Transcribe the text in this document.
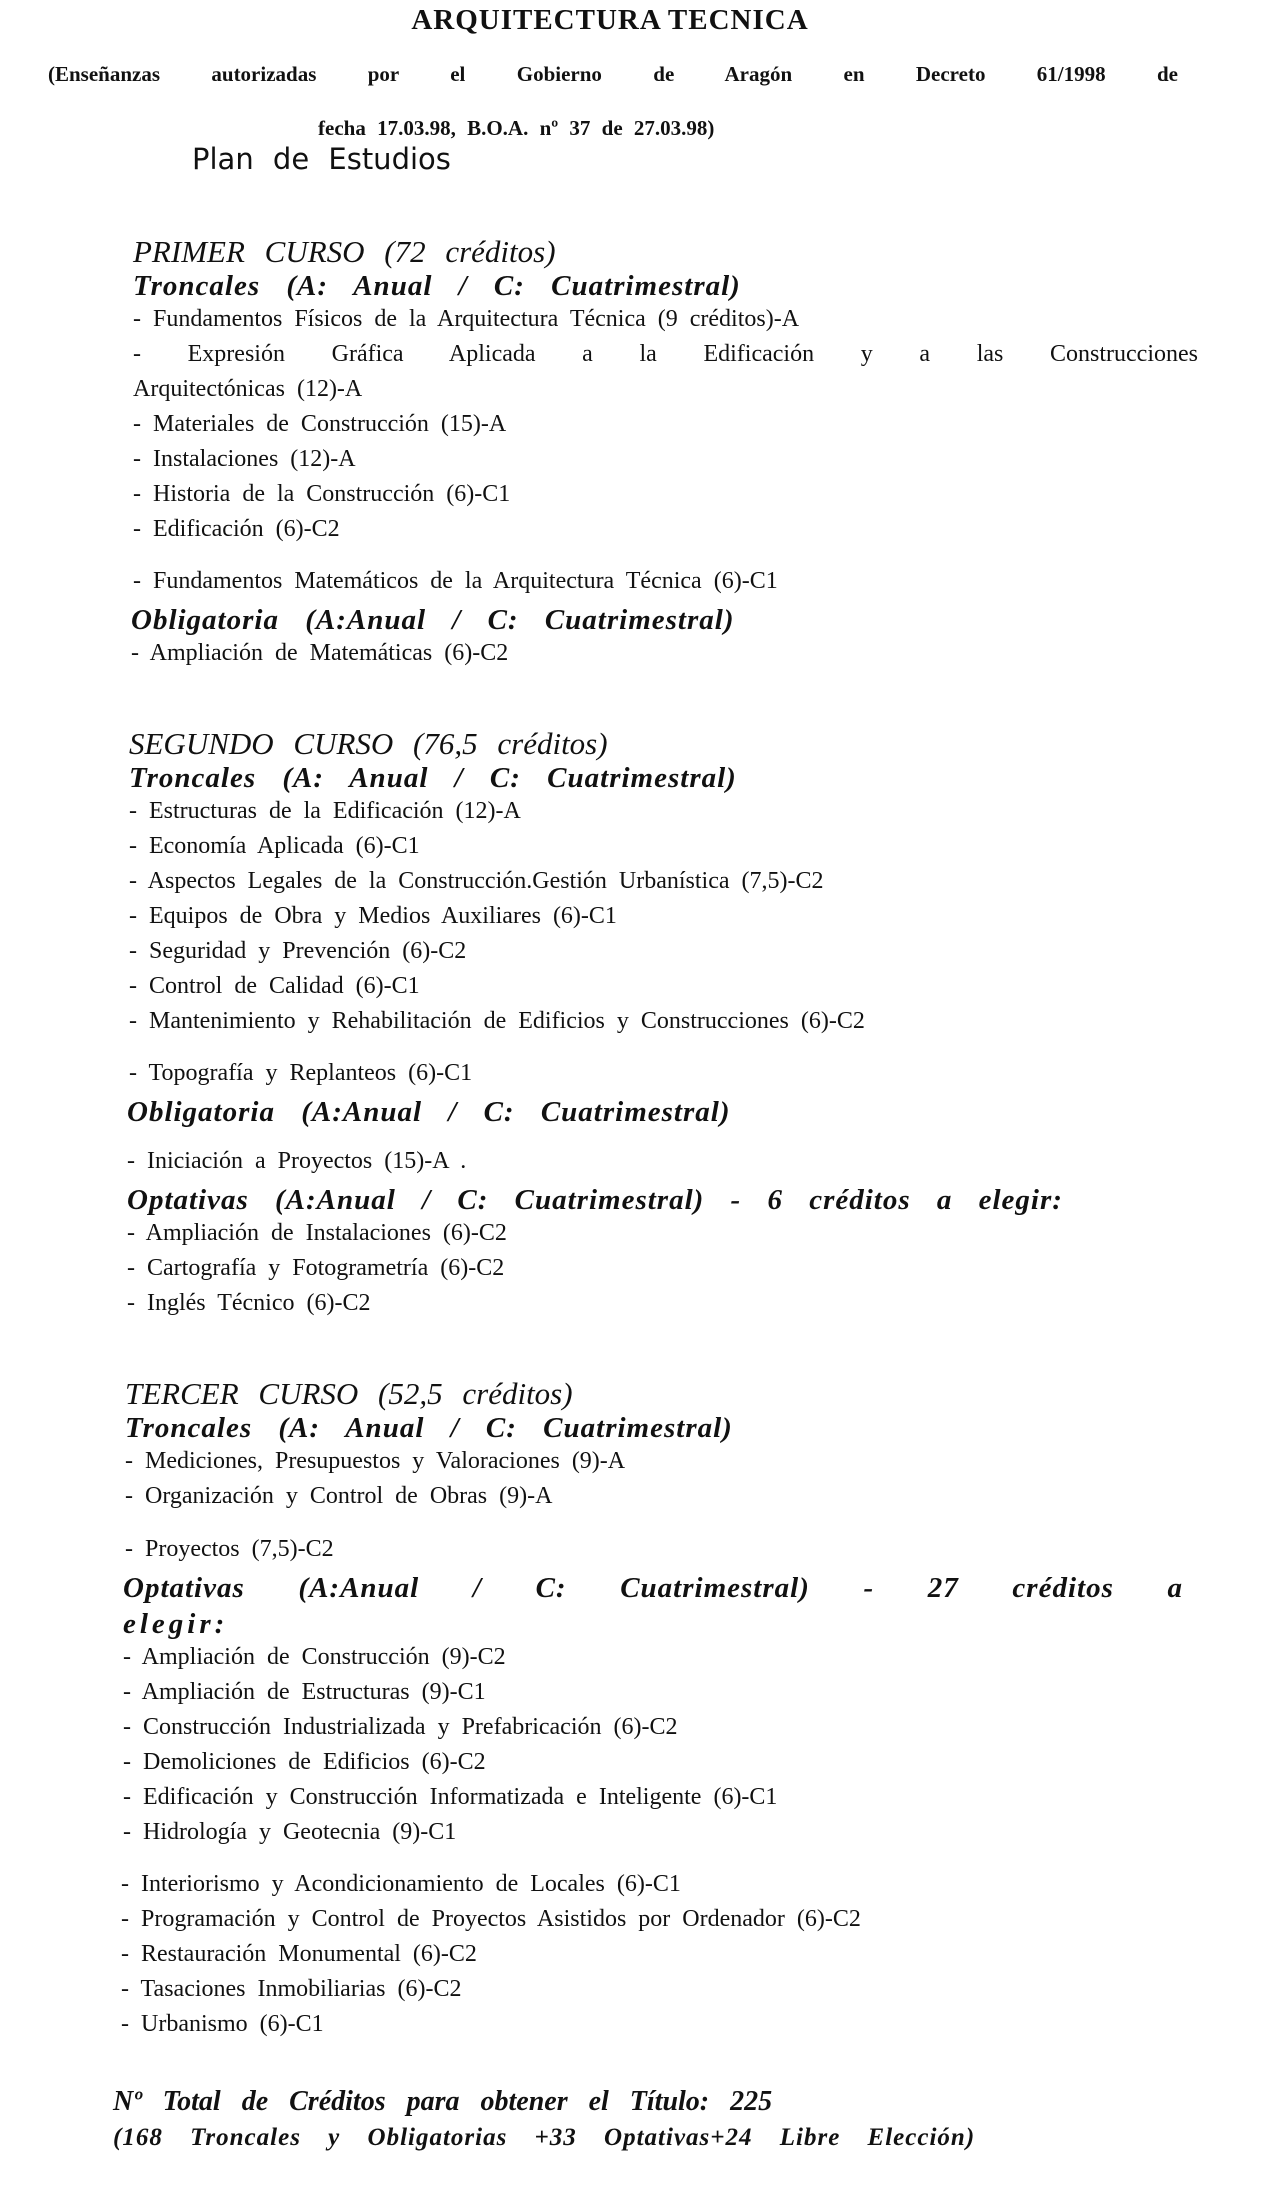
ARQUITECTURA TECNICA
(Enseñanzas autorizadas por el Gobierno de Aragón en Decreto 61/1998 de
fecha 17.03.98, B.O.A. nº 37 de 27.03.98)
Plan de Estudios
PRIMER CURSO (72 créditos)
Troncales (A: Anual / C: Cuatrimestral)
- Fundamentos Físicos de la Arquitectura Técnica (9 créditos)-A
- Expresión Gráfica Aplicada a la Edificación y a las Construcciones
Arquitectónicas (12)-A
- Materiales de Construcción (15)-A
- Instalaciones (12)-A
- Historia de la Construcción (6)-C1
- Edificación (6)-C2
- Fundamentos Matemáticos de la Arquitectura Técnica (6)-C1
Obligatoria (A:Anual / C: Cuatrimestral)
- Ampliación de Matemáticas (6)-C2
SEGUNDO CURSO (76,5 créditos)
Troncales (A: Anual / C: Cuatrimestral)
- Estructuras de la Edificación (12)-A
- Economía Aplicada (6)-C1
- Aspectos Legales de la Construcción.Gestión Urbanística (7,5)-C2
- Equipos de Obra y Medios Auxiliares (6)-C1
- Seguridad y Prevención (6)-C2
- Control de Calidad (6)-C1
- Mantenimiento y Rehabilitación de Edificios y Construcciones (6)-C2
- Topografía y Replanteos (6)-C1
Obligatoria (A:Anual / C: Cuatrimestral)
- Iniciación a Proyectos (15)-A .
Optativas (A:Anual / C: Cuatrimestral) - 6 créditos a elegir:
- Ampliación de Instalaciones (6)-C2
- Cartografía y Fotogrametría (6)-C2
- Inglés Técnico (6)-C2
TERCER CURSO (52,5 créditos)
Troncales (A: Anual / C: Cuatrimestral)
- Mediciones, Presupuestos y Valoraciones (9)-A
- Organización y Control de Obras (9)-A
- Proyectos (7,5)-C2
Optativas (A:Anual / C: Cuatrimestral) - 27 créditos a
elegir:
- Ampliación de Construcción (9)-C2
- Ampliación de Estructuras (9)-C1
- Construcción Industrializada y Prefabricación (6)-C2
- Demoliciones de Edificios (6)-C2
- Edificación y Construcción Informatizada e Inteligente (6)-C1
- Hidrología y Geotecnia (9)-C1
- Interiorismo y Acondicionamiento de Locales (6)-C1
- Programación y Control de Proyectos Asistidos por Ordenador (6)-C2
- Restauración Monumental (6)-C2
- Tasaciones Inmobiliarias (6)-C2
- Urbanismo (6)-C1
Nº Total de Créditos para obtener el Título: 225
(168 Troncales y Obligatorias +33 Optativas+24 Libre Elección)
